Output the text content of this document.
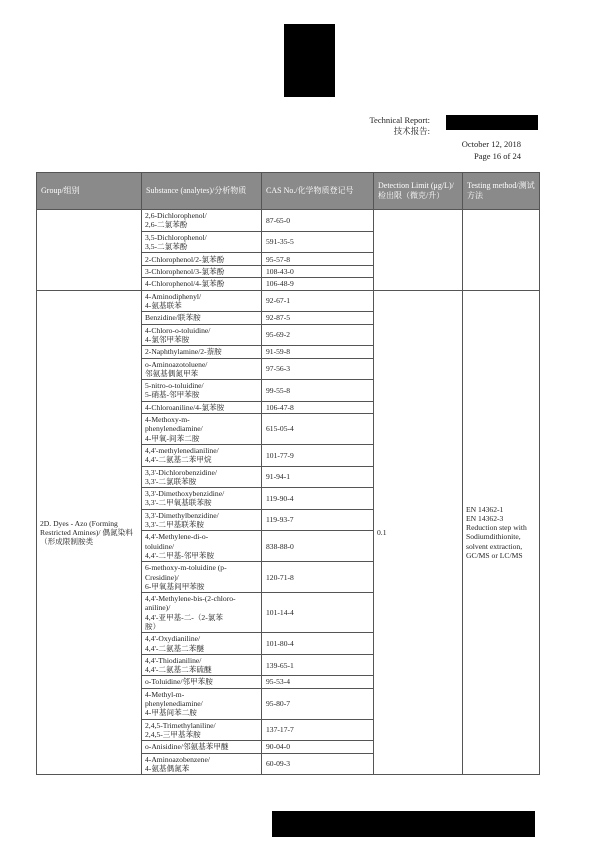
Technical Report:
技术报告:
October 12, 2018
Page 16 of 24
Group/组别	Substance (analytes)/分析物质	CAS No./化学物质登记号	Detection Limit (μg/L)/检出限（微克/升）	Testing method/测试方法
	2,6-Dichlorophenol/
2,6-二氯苯酚	87-65-0		
	3,5-Dichlorophenol/
3,5-二氯苯酚	591-35-5		
	2-Chlorophenol/2-氯苯酚	95-57-8		
	3-Chlorophenol/3-氯苯酚	108-43-0		
	4-Chlorophenol/4-氯苯酚	106-48-9		
2D. Dyes - Azo (Forming Restricted Amines)/ 偶氮染料（形成限制胺类	4-Aminodiphenyl/
4-氨基联苯	92-67-1	0.1	EN 14362-1
EN 14362-3
Reduction step with Sodiumdithionite, solvent extraction, GC/MS or LC/MS
	Benzidine/联苯胺	92-87-5		
	4-Chloro-o-toluidine/
4-氯邻甲苯胺	95-69-2		
	2-Naphthylamine/2-萘胺	91-59-8		
	o-Aminoazotoluene/
邻氨基偶氮甲苯	97-56-3		
	5-nitro-o-toluidine/
5-硝基-邻甲苯胺	99-55-8		
	4-Chloroaniline/4-氯苯胺	106-47-8		
	4-Methoxy-m-
phenylenediamine/
4-甲氧-间苯二胺	615-05-4		
	4,4'-methylenedianiline/
4,4'-二氨基二苯甲烷	101-77-9		
	3,3'-Dichlorobenzidine/
3,3'-二氯联苯胺	91-94-1		
	3,3'-Dimethoxybenzidine/
3,3'-二甲氧基联苯胺	119-90-4		
	3,3'-Dimethylbenzidine/
3,3'-二甲基联苯胺	119-93-7		
	4,4'-Methylene-di-o-
toluidine/
4,4'-二甲基-邻甲苯胺	838-88-0		
	6-methoxy-m-toluidine (p-
Cresidine)/
6-甲氧基间甲苯胺	120-71-8		
	4,4'-Methylene-bis-(2-chloro-
aniline)/
4,4'-亚甲基-二-（2-氯苯
胺）	101-14-4		
	4,4'-Oxydianiline/
4,4'-二氨基二苯醚	101-80-4		
	4,4'-Thiodianiline/
4,4'-二氨基二苯硫醚	139-65-1		
	o-Toluidine/邻甲苯胺	95-53-4		
	4-Methyl-m-
phenylenediamine/
4-甲基间苯二胺	95-80-7		
	2,4,5-Trimethylaniline/
2,4,5-三甲基苯胺	137-17-7		
	o-Anisidine/邻氨基苯甲醚	90-04-0		
	4-Aminoazobenzene/
4-氨基偶氮苯	60-09-3		
